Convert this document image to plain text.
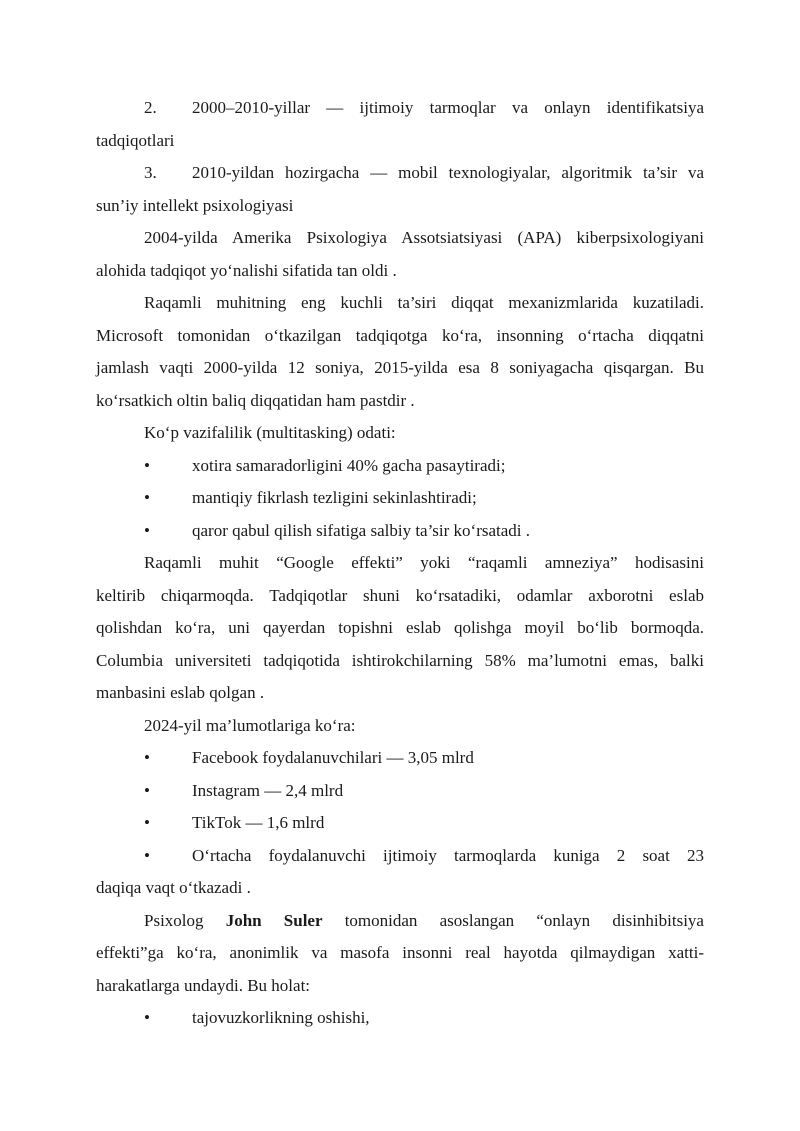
2. 2000–2010-yillar — ijtimoiy tarmoqlar va onlayn identifikatsiya
tadqiqotlari
3. 2010-yildan hozirgacha — mobil texnologiyalar, algoritmik ta’sir va
sun’iy intellekt psixologiyasi
2004-yilda Amerika Psixologiya Assotsiatsiyasi (APA) kiberpsixologiyani
alohida tadqiqot yo‘nalishi sifatida tan oldi .
Raqamli muhitning eng kuchli ta’siri diqqat mexanizmlarida kuzatiladi.
Microsoft tomonidan o‘tkazilgan tadqiqotga ko‘ra, insonning o‘rtacha diqqatni
jamlash vaqti 2000-yilda 12 soniya, 2015-yilda esa 8 soniyagacha qisqargan. Bu
ko‘rsatkich oltin baliq diqqatidan ham pastdir .
Ko‘p vazifalilik (multitasking) odati:
• xotira samaradorligini 40% gacha pasaytiradi;
• mantiqiy fikrlash tezligini sekinlashtiradi;
• qaror qabul qilish sifatiga salbiy ta’sir ko‘rsatadi .
Raqamli muhit “Google effekti” yoki “raqamli amneziya” hodisasini
keltirib chiqarmoqda. Tadqiqotlar shuni ko‘rsatadiki, odamlar axborotni eslab
qolishdan ko‘ra, uni qayerdan topishni eslab qolishga moyil bo‘lib bormoqda.
Columbia universiteti tadqiqotida ishtirokchilarning 58% ma’lumotni emas, balki
manbasini eslab qolgan .
2024-yil ma’lumotlariga ko‘ra:
• Facebook foydalanuvchilari — 3,05 mlrd
• Instagram — 2,4 mlrd
• TikTok — 1,6 mlrd
• O‘rtacha foydalanuvchi ijtimoiy tarmoqlarda kuniga 2 soat 23
daqiqa vaqt o‘tkazadi .
Psixolog John Suler tomonidan asoslangan “onlayn disinhibitsiya
effekti”ga ko‘ra, anonimlik va masofa insonni real hayotda qilmaydigan xatti-
harakatlarga undaydi. Bu holat:
• tajovuzkorlikning oshishi,
